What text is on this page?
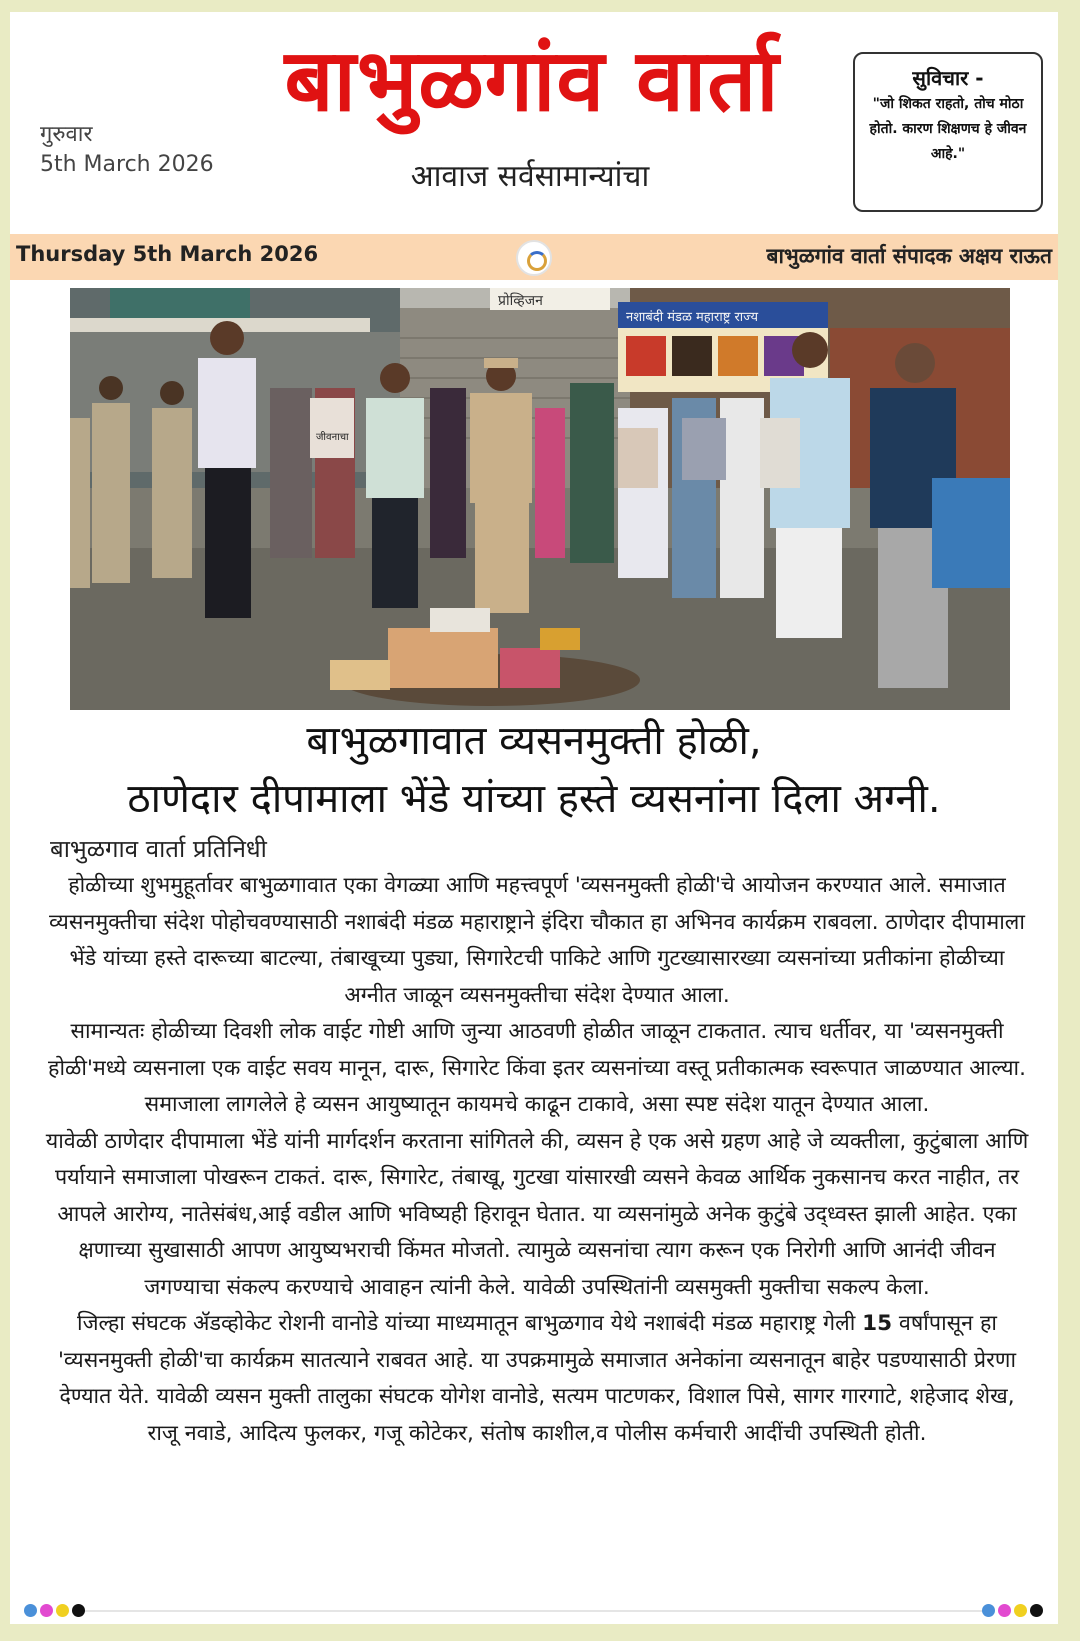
गुरुवार
5th March 2026
बाभुळगांव वार्ता
आवाज सर्वसामान्यांचा
सुविचार -
"जो शिकत राहतो, तोच मोठा होतो. कारण शिक्षणच हे जीवन आहे."
Thursday 5th March 2026	बाभुळगांव वार्ता संपादक अक्षय राऊत
प्रोव्हिजन
नशाबंदी मंडळ महाराष्ट्र राज्य
जीवनाचा
बाभुळगावात व्यसनमुक्ती होळी,
ठाणेदार दीपामाला भेंडे यांच्या हस्ते व्यसनांना दिला अग्नी.
बाभुळगाव वार्ता प्रतिनिधी

होळीच्या शुभमुहूर्तावर बाभुळगावात एका वेगळ्या आणि महत्त्वपूर्ण 'व्यसनमुक्ती होळी'चे आयोजन करण्यात आले. समाजात व्यसनमुक्तीचा संदेश पोहोचवण्यासाठी नशाबंदी मंडळ महाराष्ट्राने इंदिरा चौकात हा अभिनव कार्यक्रम राबवला. ठाणेदार दीपामाला भेंडे यांच्या हस्ते दारूच्या बाटल्या, तंबाखूच्या पुड्या, सिगारेटची पाकिटे आणि गुटख्यासारख्या व्यसनांच्या प्रतीकांना होळीच्या अग्नीत जाळून व्यसनमुक्तीचा संदेश देण्यात आला.

सामान्यतः होळीच्या दिवशी लोक वाईट गोष्टी आणि जुन्या आठवणी होळीत जाळून टाकतात. त्याच धर्तीवर, या 'व्यसनमुक्ती होळी'मध्ये व्यसनाला एक वाईट सवय मानून, दारू, सिगारेट किंवा इतर व्यसनांच्या वस्तू प्रतीकात्मक स्वरूपात जाळण्यात आल्या. समाजाला लागलेले हे व्यसन आयुष्यातून कायमचे काढून टाकावे, असा स्पष्ट संदेश यातून देण्यात आला.

यावेळी ठाणेदार दीपामाला भेंडे यांनी मार्गदर्शन करताना सांगितले की, व्यसन हे एक असे ग्रहण आहे जे व्यक्तीला, कुटुंबाला आणि पर्यायाने समाजाला पोखरून टाकतं. दारू, सिगारेट, तंबाखू, गुटखा यांसारखी व्यसने केवळ आर्थिक नुकसानच करत नाहीत, तर आपले आरोग्य, नातेसंबंध,आई वडील आणि भविष्यही हिरावून घेतात. या व्यसनांमुळे अनेक कुटुंबे उद्ध्वस्त झाली आहेत. एका क्षणाच्या सुखासाठी आपण आयुष्यभराची किंमत मोजतो. त्यामुळे व्यसनांचा त्याग करून एक निरोगी आणि आनंदी जीवन जगण्याचा संकल्प करण्याचे आवाहन त्यांनी केले. यावेळी उपस्थितांनी व्यसमुक्ती मुक्तीचा सकल्प केला.

जिल्हा संघटक ॲडव्होकेट रोशनी वानोडे यांच्या माध्यमातून बाभुळगाव येथे नशाबंदी मंडळ महाराष्ट्र गेली 15 वर्षांपासून हा 'व्यसनमुक्ती होळी'चा कार्यक्रम सातत्याने राबवत आहे. या उपक्रमामुळे समाजात अनेकांना व्यसनातून बाहेर पडण्यासाठी प्रेरणा देण्यात येते. यावेळी व्यसन मुक्ती तालुका संघटक योगेश वानोडे, सत्यम पाटणकर, विशाल पिसे, सागर गारगाटे, शहेजाद शेख, राजू नवाडे, आदित्य फुलकर, गजू कोटेकर, संतोष काशील,व पोलीस कर्मचारी आदींची उपस्थिती होती.
